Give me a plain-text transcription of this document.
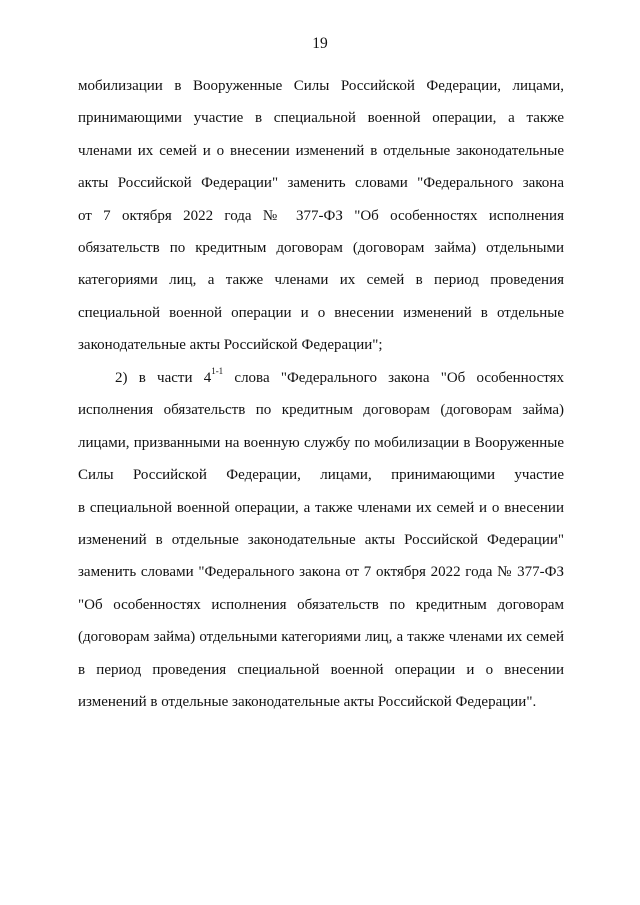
19
мобилизации в Вооруженные Силы Российской Федерации, лицами,
принимающими участие в специальной военной операции, а также
членами их семей и о внесении изменений в отдельные законодательные
акты Российской Федерации" заменить словами "Федерального закона
от 7 октября 2022 года № 377-ФЗ "Об особенностях исполнения
обязательств по кредитным договорам (договорам займа) отдельными
категориями лиц, а также членами их семей в период проведения
специальной военной операции и о внесении изменений в отдельные
законодательные акты Российской Федерации";
2) в части 4$^{1-1}$ слова "Федерального закона "Об особенностях
исполнения обязательств по кредитным договорам (договорам займа)
лицами, призванными на военную службу по мобилизации в Вооруженные
Силы Российской Федерации, лицами, принимающими участие
в специальной военной операции, а также членами их семей и о внесении
изменений в отдельные законодательные акты Российской Федерации"
заменить словами "Федерального закона от 7 октября 2022 года № 377-ФЗ
"Об особенностях исполнения обязательств по кредитным договорам
(договорам займа) отдельными категориями лиц, а также членами их семей
в период проведения специальной военной операции и о внесении
изменений в отдельные законодательные акты Российской Федерации".
